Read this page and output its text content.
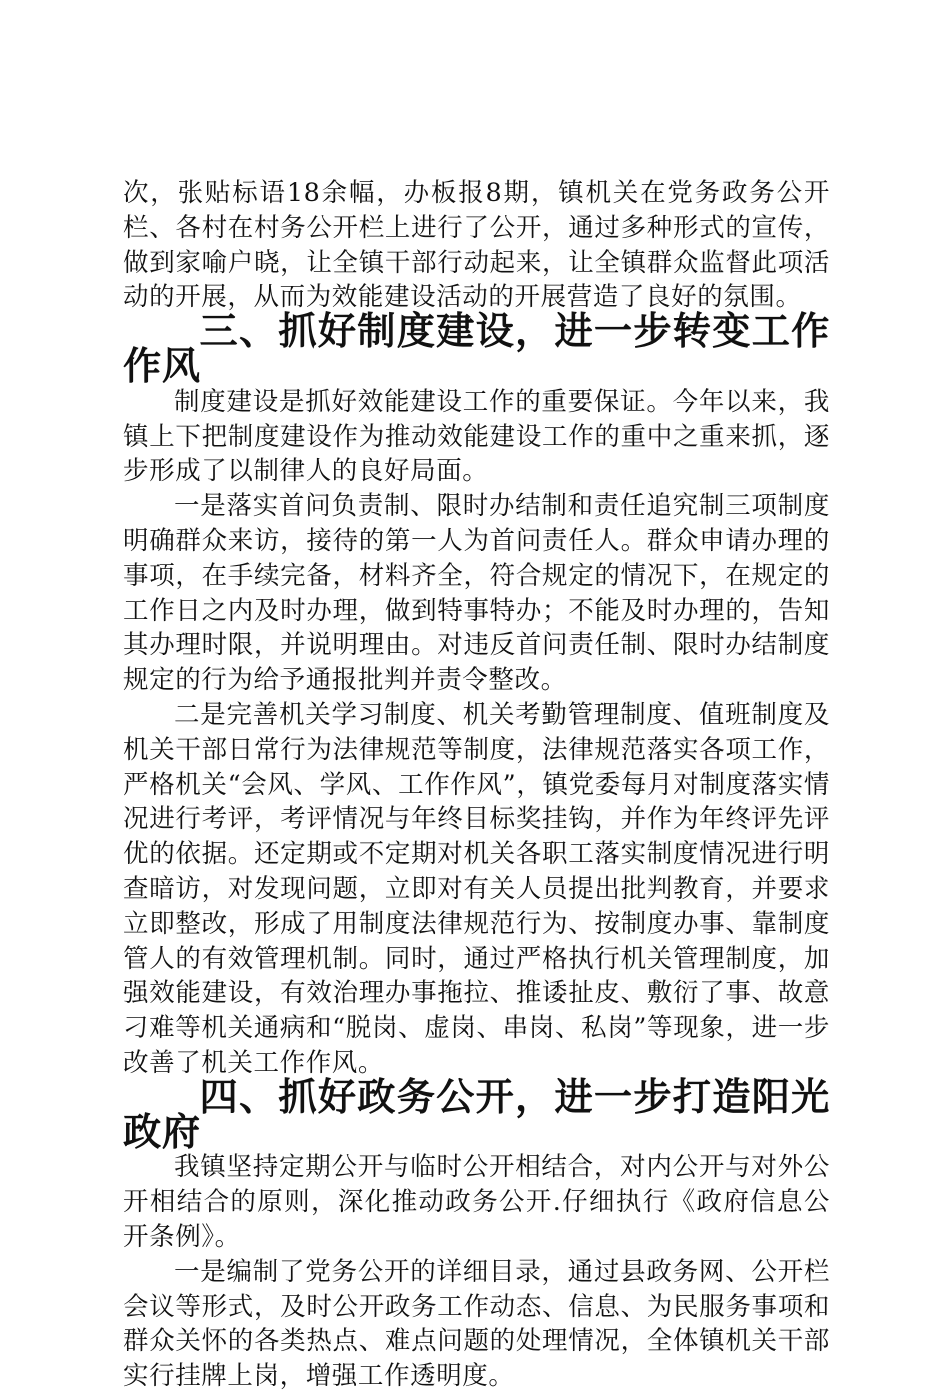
次，张贴标语18余幅，办板报8期，镇机关在党务政务公开栏、各村在村务公开栏上进行了公开，通过多种形式的宣传，做到家喻户晓，让全镇干部行动起来，让全镇群众监督此项活动的开展，从而为效能建设活动的开展营造了良好的氛围。

三、抓好制度建设，进一步转变工作作风

制度建设是抓好效能建设工作的重要保证。今年以来，我镇上下把制度建设作为推动效能建设工作的重中之重来抓，逐步形成了以制律人的良好局面。

一是落实首问负责制、限时办结制和责任追究制三项制度明确群众来访，接待的第一人为首问责任人。群众申请办理的事项，在手续完备，材料齐全，符合规定的情况下，在规定的工作日之内及时办理，做到特事特办；不能及时办理的，告知其办理时限，并说明理由。对违反首问责任制、限时办结制度规定的行为给予通报批判并责令整改。

二是完善机关学习制度、机关考勤管理制度、值班制度及机关干部日常行为法律规范等制度，法律规范落实各项工作，严格机关“会风、学风、工作作风”，镇党委每月对制度落实情况进行考评，考评情况与年终目标奖挂钩，并作为年终评先评优的依据。还定期或不定期对机关各职工落实制度情况进行明查暗访，对发现问题，立即对有关人员提出批判教育，并要求立即整改，形成了用制度法律规范行为、按制度办事、靠制度管人的有效管理机制。同时，通过严格执行机关管理制度，加强效能建设，有效治理办事拖拉、推诿扯皮、敷衍了事、故意刁难等机关通病和“脱岗、虚岗、串岗、私岗”等现象，进一步改善了机关工作作风。

四、抓好政务公开，进一步打造阳光政府

我镇坚持定期公开与临时公开相结合，对内公开与对外公开相结合的原则，深化推动政务公开.仔细执行《政府信息公开条例》。

一是编制了党务公开的详细目录，通过县政务网、公开栏会议等形式，及时公开政务工作动态、信息、为民服务事项和群众关怀的各类热点、难点问题的处理情况，全体镇机关干部实行挂牌上岗，增强工作透明度。
